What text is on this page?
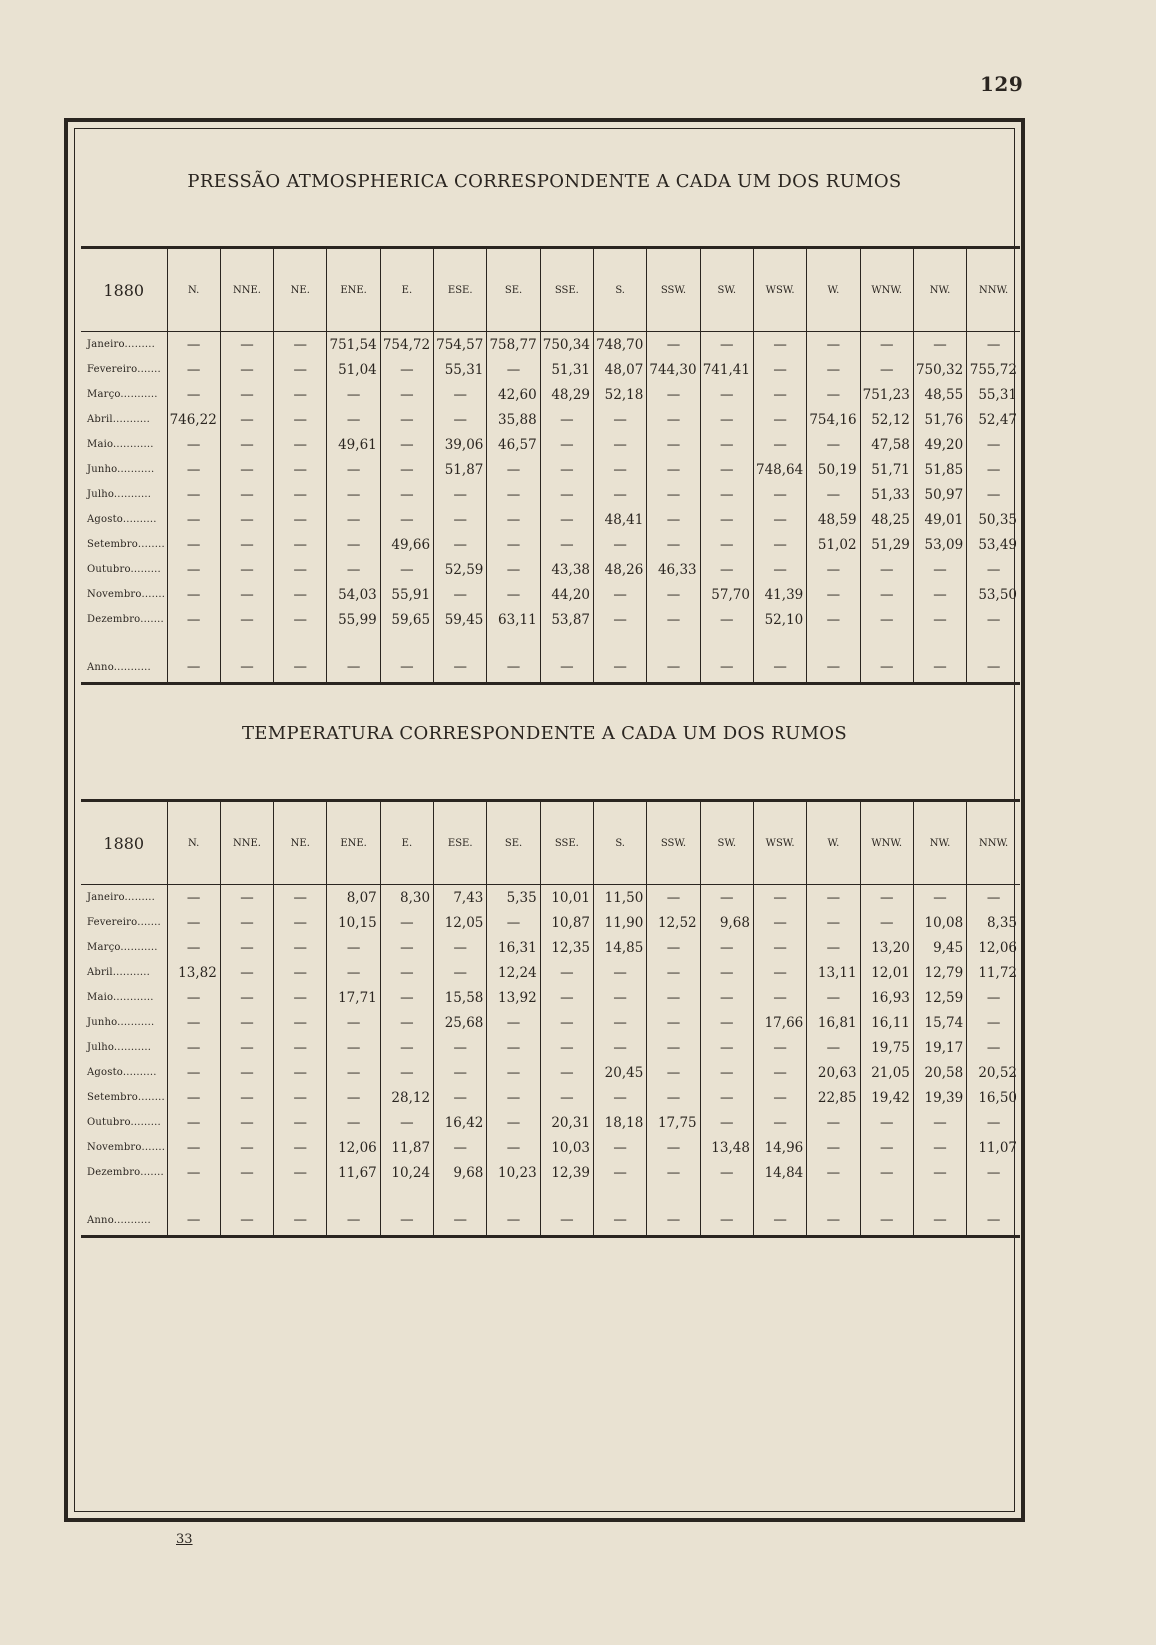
129
PRESSÃO ATMOSPHERICA CORRESPONDENTE A CADA UM DOS RUMOS
1880	N.	NNE.	NE.	ENE.	E.	ESE.	SE.	SSE.	S.	SSW.	SW.	WSW.	W.	WNW.	NW.	NNW.
Janeiro.........	—	—	—	751,54	754,72	754,57	758,77	750,34	748,70	—	—	—	—	—	—	—
Fevereiro.......	—	—	—	51,04	—	55,31	—	51,31	48,07	744,30	741,41	—	—	—	750,32	755,72
Março...........	—	—	—	—	—	—	42,60	48,29	52,18	—	—	—	—	751,23	48,55	55,31
Abril...........	746,22	—	—	—	—	—	35,88	—	—	—	—	—	754,16	52,12	51,76	52,47
Maio............	—	—	—	49,61	—	39,06	46,57	—	—	—	—	—	—	47,58	49,20	—
Junho...........	—	—	—	—	—	51,87	—	—	—	—	—	748,64	50,19	51,71	51,85	—
Julho...........	—	—	—	—	—	—	—	—	—	—	—	—	—	51,33	50,97	—
Agosto..........	—	—	—	—	—	—	—	—	48,41	—	—	—	48,59	48,25	49,01	50,35
Setembro........	—	—	—	—	49,66	—	—	—	—	—	—	—	51,02	51,29	53,09	53,49
Outubro.........	—	—	—	—	—	52,59	—	43,38	48,26	46,33	—	—	—	—	—	—
Novembro.......	—	—	—	54,03	55,91	—	—	44,20	—	—	57,70	41,39	—	—	—	53,50
Dezembro.......	—	—	—	55,99	59,65	59,45	63,11	53,87	—	—	—	52,10	—	—	—	—

Anno...........	—	—	—	—	—	—	—	—	—	—	—	—	—	—	—	—
TEMPERATURA CORRESPONDENTE A CADA UM DOS RUMOS
1880	N.	NNE.	NE.	ENE.	E.	ESE.	SE.	SSE.	S.	SSW.	SW.	WSW.	W.	WNW.	NW.	NNW.
Janeiro.........	—	—	—	8,07	8,30	7,43	5,35	10,01	11,50	—	—	—	—	—	—	—
Fevereiro.......	—	—	—	10,15	—	12,05	—	10,87	11,90	12,52	9,68	—	—	—	10,08	8,35
Março...........	—	—	—	—	—	—	16,31	12,35	14,85	—	—	—	—	13,20	9,45	12,06
Abril...........	13,82	—	—	—	—	—	12,24	—	—	—	—	—	13,11	12,01	12,79	11,72
Maio............	—	—	—	17,71	—	15,58	13,92	—	—	—	—	—	—	16,93	12,59	—
Junho...........	—	—	—	—	—	25,68	—	—	—	—	—	17,66	16,81	16,11	15,74	—
Julho...........	—	—	—	—	—	—	—	—	—	—	—	—	—	19,75	19,17	—
Agosto..........	—	—	—	—	—	—	—	—	20,45	—	—	—	20,63	21,05	20,58	20,52
Setembro........	—	—	—	—	28,12	—	—	—	—	—	—	—	22,85	19,42	19,39	16,50
Outubro.........	—	—	—	—	—	16,42	—	20,31	18,18	17,75	—	—	—	—	—	—
Novembro.......	—	—	—	12,06	11,87	—	—	10,03	—	—	13,48	14,96	—	—	—	11,07
Dezembro.......	—	—	—	11,67	10,24	9,68	10,23	12,39	—	—	—	14,84	—	—	—	—

Anno...........	—	—	—	—	—	—	—	—	—	—	—	—	—	—	—	—
33
